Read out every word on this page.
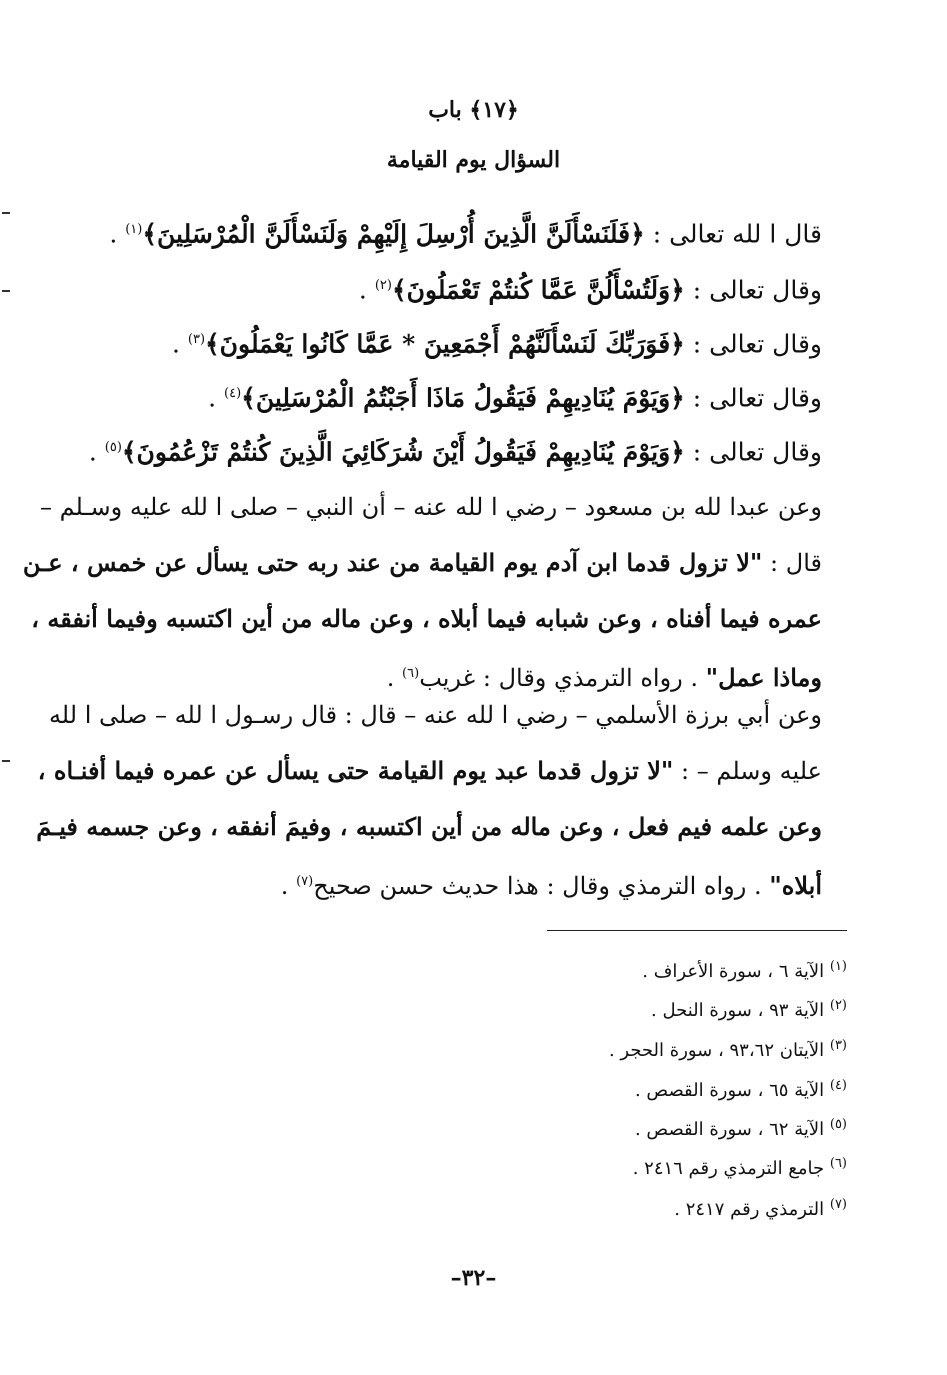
﴿١٧﴾ باب
السؤال يوم القيامة
قال ا لله تعالى : ﴿فَلَنَسْأَلَنَّ الَّذِينَ أُرْسِلَ إِلَيْهِمْ وَلَنَسْأَلَنَّ الْمُرْسَلِينَ﴾$^{(١)}$ .
وقال تعالى : ﴿وَلَتُسْأَلُنَّ عَمَّا كُنتُمْ تَعْمَلُونَ﴾$^{(٢)}$ .
وقال تعالى : ﴿فَوَرَبِّكَ لَنَسْأَلَنَّهُمْ أَجْمَعِينَ * عَمَّا كَانُوا يَعْمَلُونَ﴾$^{(٣)}$ .
وقال تعالى : ﴿وَيَوْمَ يُنَادِيهِمْ فَيَقُولُ مَاذَا أَجَبْتُمُ الْمُرْسَلِينَ﴾$^{(٤)}$ .
وقال تعالى : ﴿وَيَوْمَ يُنَادِيهِمْ فَيَقُولُ أَيْنَ شُرَكَائِيَ الَّذِينَ كُنتُمْ تَزْعُمُونَ﴾$^{(٥)}$ .
وعن عبدا لله بن مسعود – رضي ا لله عنه – أن النبي – صلى ا لله عليه وسـلم –
قال : "لا تزول قدما ابن آدم يوم القيامة من عند ربه حتى يسأل عن خمس ، عـن
عمره فيما أفناه ، وعن شبابه فيما أبلاه ، وعن ماله من أين اكتسبه وفيما أنفقه ،
وماذا عمل" . رواه الترمذي وقال : غريب$^{(٦)}$ .
وعن أبي برزة الأسلمي – رضي ا لله عنه – قال : قال رسـول ا لله – صلى ا لله
عليه وسلم – : "لا تزول قدما عبد يوم القيامة حتى يسأل عن عمره فيما أفنـاه ،
وعن علمه فيم فعل ، وعن ماله من أين اكتسبه ، وفيمَ أنفقه ، وعن جسمه فيـمَ
أبلاه" . رواه الترمذي وقال : هذا حديث حسن صحيح$^{(٧)}$ .
$^{(١)}$ الآية ٦ ، سورة الأعراف .
$^{(٢)}$ الآية ٩٣ ، سورة النحل .
$^{(٣)}$ الآيتان ٩٣،٦٢ ، سورة الحجر .
$^{(٤)}$ الآية ٦٥ ، سورة القصص .
$^{(٥)}$ الآية ٦٢ ، سورة القصص .
$^{(٦)}$ جامع الترمذي رقم ٢٤١٦ .
$^{(٧)}$ الترمذي رقم ٢٤١٧ .
–٣٢–
